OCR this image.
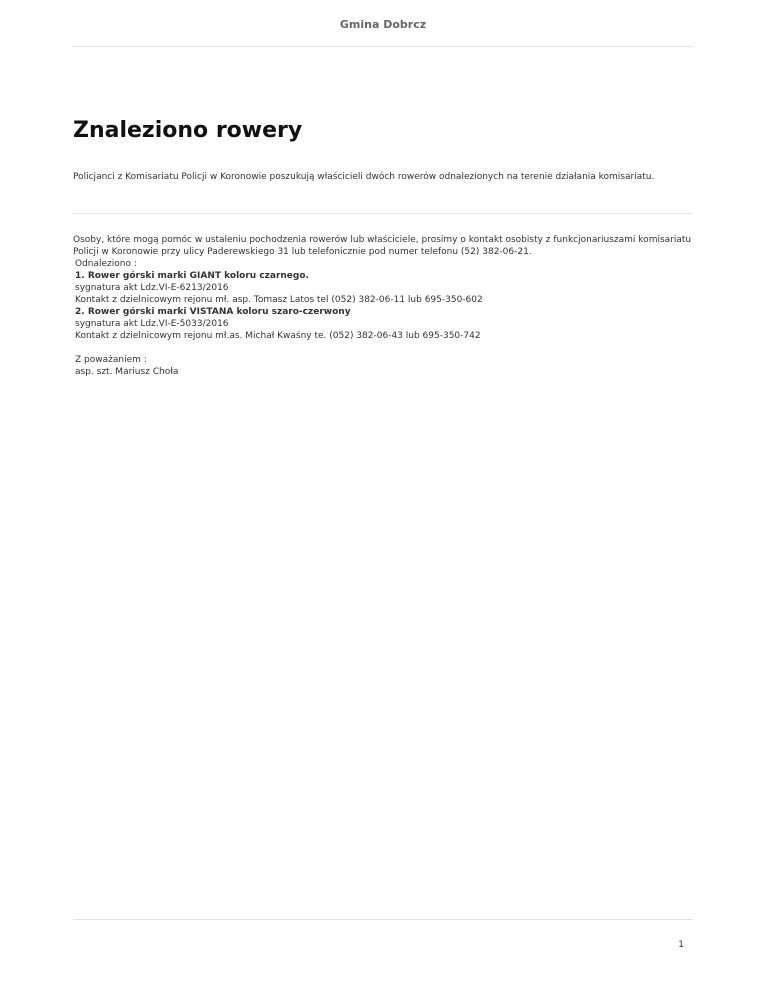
Gmina Dobrcz
Znaleziono rowery

Policjanci z Komisariatu Policji w Koronowie poszukują właścicieli dwóch rowerów odnalezionych na terenie działania komisariatu.

Osoby, które mogą pomóc w ustaleniu pochodzenia rowerów lub właściciele, prosimy o kontakt osobisty z funkcjonariuszami komisariatu Policji w Koronowie przy ulicy Paderewskiego 31 lub telefonicznie pod numer telefonu (52) 382-06-21.

Odnaleziono :
1. Rower górski marki GIANT koloru czarnego.
sygnatura akt Ldz.VI-E-6213/2016
Kontakt z dzielnicowym rejonu mł. asp. Tomasz Latos tel (052) 382-06-11 lub 695-350-602
2. Rower górski marki VISTANA koloru szaro-czerwony
sygnatura akt Ldz.VI-E-5033/2016
Kontakt z dzielnicowym rejonu mł.as. Michał Kwaśny te. (052) 382-06-43 lub 695-350-742
Z poważaniem :
asp. szt. Mariusz Choła
1
